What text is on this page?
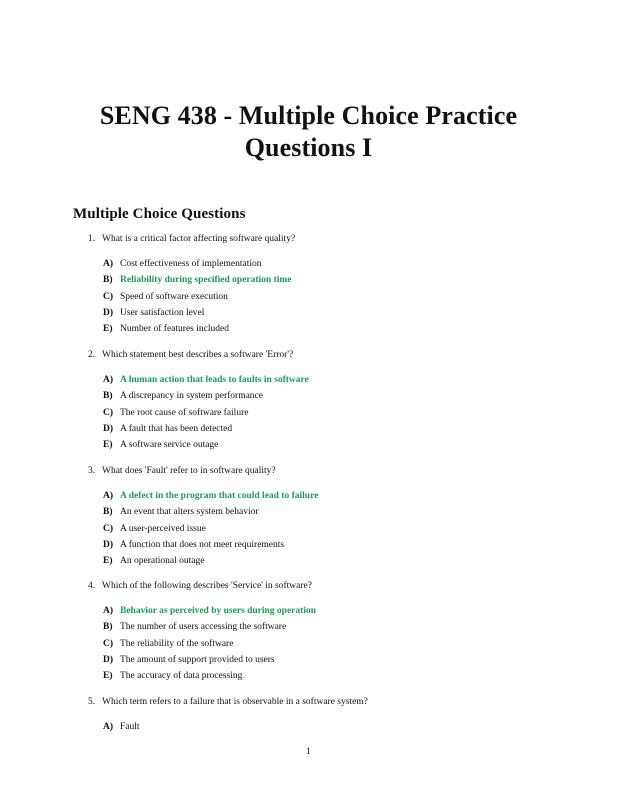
SENG 438 - Multiple Choice Practice
Questions I
Multiple Choice Questions
1. What is a critical factor affecting software quality?
A) Cost effectiveness of implementation
B) Reliability during specified operation time
C) Speed of software execution
D) User satisfaction level
E) Number of features included
2. Which statement best describes a software 'Error'?
A) A human action that leads to faults in software
B) A discrepancy in system performance
C) The root cause of software failure
D) A fault that has been detected
E) A software service outage
3. What does 'Fault' refer to in software quality?
A) A defect in the program that could lead to failure
B) An event that alters system behavior
C) A user-perceived issue
D) A function that does not meet requirements
E) An operational outage
4. Which of the following describes 'Service' in software?
A) Behavior as perceived by users during operation
B) The number of users accessing the software
C) The reliability of the software
D) The amount of support provided to users
E) The accuracy of data processing
5. Which term refers to a failure that is observable in a software system?
A) Fault
1
